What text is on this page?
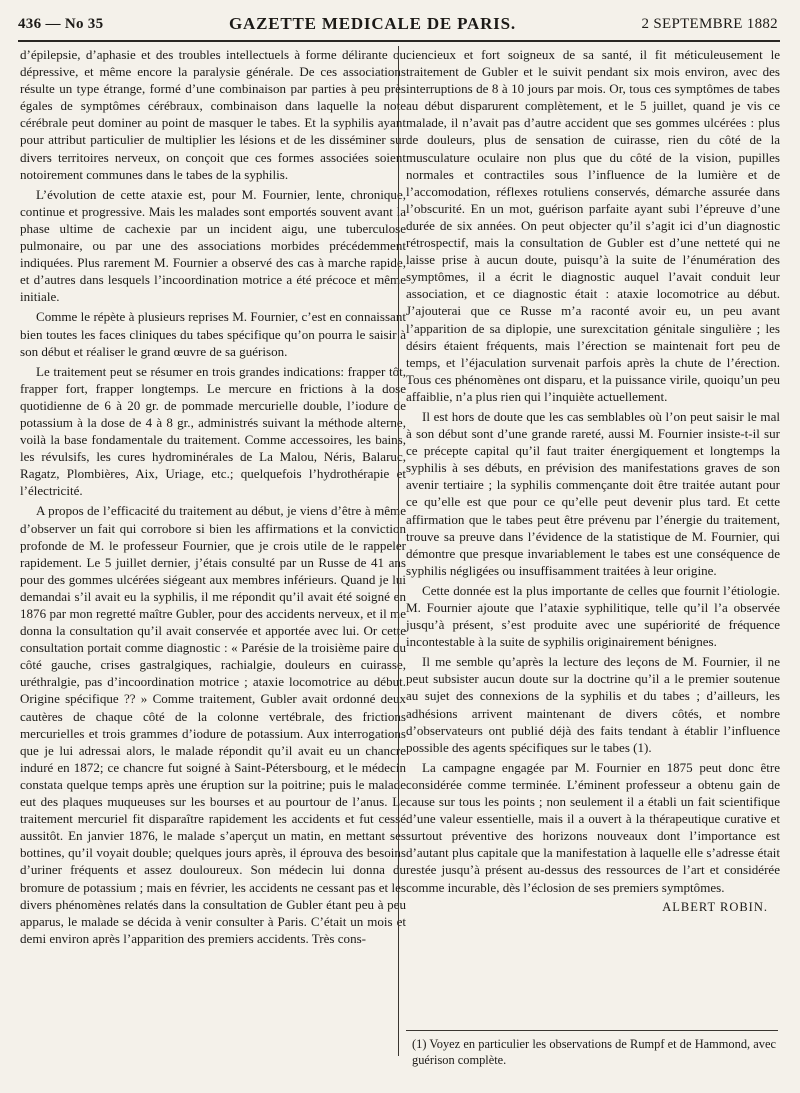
436 — No 35	GAZETTE MEDICALE DE PARIS.	2 SEPTEMBRE 1882

d’épilepsie, d’aphasie et des troubles intellectuels à forme délirante ou dépressive, et même encore la paralysie générale. De ces associations résulte un type étrange, formé d’une combinaison par parties à peu près égales de symptômes cérébraux, combinaison dans laquelle la note cérébrale peut dominer au point de masquer le tabes. Et la syphilis ayant pour attribut particulier de multiplier les lésions et de les disséminer sur divers territoires nerveux, on conçoit que ces formes associées soient notoirement communes dans le tabes de la syphilis.

L’évolution de cette ataxie est, pour M. Fournier, lente, chronique, continue et progressive. Mais les malades sont emportés souvent avant la phase ultime de cachexie par un incident aigu, une tuberculose pulmonaire, ou par une des associations morbides précédemment indiquées. Plus rarement M. Fournier a observé des cas à marche rapide, et d’autres dans lesquels l’incoordination motrice a été précoce et même initiale.

Comme le répète à plusieurs reprises M. Fournier, c’est en connaissant bien toutes les faces cliniques du tabes spécifique qu’on pourra le saisir à son début et réaliser le grand œuvre de sa guérison.

Le traitement peut se résumer en trois grandes indications: frapper tôt, frapper fort, frapper longtemps. Le mercure en frictions à la dose quotidienne de 6 à 20 gr. de pommade mercurielle double, l’iodure de potassium à la dose de 4 à 8 gr., administrés suivant la méthode alterne, voilà la base fondamentale du traitement. Comme accessoires, les bains, les révulsifs, les cures hydrominérales de La Malou, Néris, Balaruc, Ragatz, Plombières, Aix, Uriage, etc.; quelquefois l’hydrothérapie et l’électricité.

A propos de l’efficacité du traitement au début, je viens d’être à même d’observer un fait qui corrobore si bien les affirmations et la conviction profonde de M. le professeur Fournier, que je crois utile de le rappeler rapidement. Le 5 juillet dernier, j’étais consulté par un Russe de 41 ans pour des gommes ulcérées siégeant aux membres inférieurs. Quand je lui demandai s’il avait eu la syphilis, il me répondit qu’il avait été soigné en 1876 par mon regretté maître Gubler, pour des accidents nerveux, et il me donna la consultation qu’il avait conservée et apportée avec lui. Or cette consultation portait comme diagnostic : « Parésie de la troisième paire du côté gauche, crises gastralgiques, rachialgie, douleurs en cuirasse, uréthralgie, pas d’incoordination motrice ; ataxie locomotrice au début. Origine spécifique ?? » Comme traitement, Gubler avait ordonné deux cautères de chaque côté de la colonne vertébrale, des frictions mercurielles et trois grammes d’iodure de potassium. Aux interrogations que je lui adressai alors, le malade répondit qu’il avait eu un chancre induré en 1872; ce chancre fut soigné à Saint-Pétersbourg, et le médecin constata quelque temps après une éruption sur la poitrine; puis le malade eut des plaques muqueuses sur les bourses et au pourtour de l’anus. Le traitement mercuriel fit disparaître rapidement les accidents et fut cessé aussitôt. En janvier 1876, le malade s’aperçut un matin, en mettant ses bottines, qu’il voyait double; quelques jours après, il éprouva des besoins d’uriner fréquents et assez douloureux. Son médecin lui donna du bromure de potassium ; mais en février, les accidents ne cessant pas et les divers phénomènes relatés dans la consultation de Gubler étant peu à peu apparus, le malade se décida à venir consulter à Paris. C’était un mois et demi environ après l’apparition des premiers accidents. Très cons-

ciencieux et fort soigneux de sa santé, il fit méticuleusement le traitement de Gubler et le suivit pendant six mois environ, avec des interruptions de 8 à 10 jours par mois. Or, tous ces symptômes de tabes au début disparurent complètement, et le 5 juillet, quand je vis ce malade, il n’avait pas d’autre accident que ses gommes ulcérées : plus de douleurs, plus de sensation de cuirasse, rien du côté de la musculature oculaire non plus que du côté de la vision, pupilles normales et contractiles sous l’influence de la lumière et de l’accomodation, réflexes rotuliens conservés, démarche assurée dans l’obscurité. En un mot, guérison parfaite ayant subi l’épreuve d’une durée de six années. On peut objecter qu’il s’agit ici d’un diagnostic rétrospectif, mais la consultation de Gubler est d’une netteté qui ne laisse prise à aucun doute, puisqu’à la suite de l’énumération des symptômes, il a écrit le diagnostic auquel l’avait conduit leur association, et ce diagnostic était : ataxie locomotrice au début. J’ajouterai que ce Russe m’a raconté avoir eu, un peu avant l’apparition de sa diplopie, une surexcitation génitale singulière ; les désirs étaient fréquents, mais l’érection se maintenait fort peu de temps, et l’éjaculation survenait parfois après la chute de l’érection. Tous ces phénomènes ont disparu, et la puissance virile, quoiqu’un peu affaiblie, n’a plus rien qui l’inquiète actuellement.

Il est hors de doute que les cas semblables où l’on peut saisir le mal à son début sont d’une grande rareté, aussi M. Fournier insiste-t-il sur ce précepte capital qu’il faut traiter énergiquement et longtemps la syphilis à ses débuts, en prévision des manifestations graves de son avenir tertiaire ; la syphilis commençante doit être traitée autant pour ce qu’elle est que pour ce qu’elle peut devenir plus tard. Et cette affirmation que le tabes peut être prévenu par l’énergie du traitement, trouve sa preuve dans l’évidence de la statistique de M. Fournier, qui démontre que presque invariablement le tabes est une conséquence de syphilis négligées ou insuffisamment traitées à leur origine.

Cette donnée est la plus importante de celles que fournit l’étiologie. M. Fournier ajoute que l’ataxie syphilitique, telle qu’il l’a observée jusqu’à présent, s’est produite avec une supériorité de fréquence incontestable à la suite de syphilis originairement bénignes.

Il me semble qu’après la lecture des leçons de M. Fournier, il ne peut subsister aucun doute sur la doctrine qu’il a le premier soutenue au sujet des connexions de la syphilis et du tabes ; d’ailleurs, les adhésions arrivent maintenant de divers côtés, et nombre d’observateurs ont publié déjà des faits tendant à établir l’influence possible des agents spécifiques sur le tabes (1).

La campagne engagée par M. Fournier en 1875 peut donc être considérée comme terminée. L’éminent professeur a obtenu gain de cause sur tous les points ; non seulement il a établi un fait scientifique d’une valeur essentielle, mais il a ouvert à la thérapeutique curative et surtout préventive des horizons nouveaux dont l’importance est d’autant plus capitale que la manifestation à laquelle elle s’adresse était restée jusqu’à présent au-dessus des ressources de l’art et considérée comme incurable, dès l’éclosion de ses premiers symptômes.

ALBERT ROBIN.
(1) Voyez en particulier les observations de Rumpf et de Hammond, avec guérison complète.
